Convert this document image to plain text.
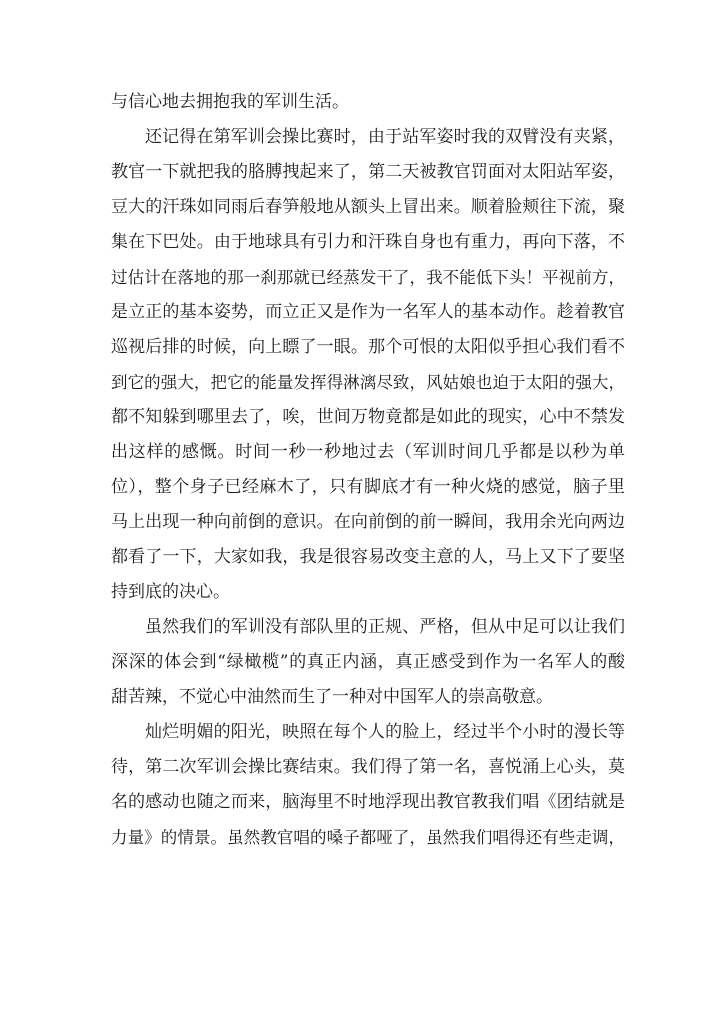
与信心地去拥抱我的军训生活。
还记得在第军训会操比赛时，由于站军姿时我的双臂没有夹紧，
教官一下就把我的胳膊拽起来了，第二天被教官罚面对太阳站军姿，
豆大的汗珠如同雨后春笋般地从额头上冒出来。顺着脸颊往下流，聚
集在下巴处。由于地球具有引力和汗珠自身也有重力，再向下落，不
过估计在落地的那一刹那就已经蒸发干了，我不能低下头！平视前方，
是立正的基本姿势，而立正又是作为一名军人的基本动作。趁着教官
巡视后排的时候，向上瞟了一眼。那个可恨的太阳似乎担心我们看不
到它的强大，把它的能量发挥得淋漓尽致，风姑娘也迫于太阳的强大，
都不知躲到哪里去了，唉，世间万物竟都是如此的现实，心中不禁发
出这样的感慨。时间一秒一秒地过去（军训时间几乎都是以秒为单
位），整个身子已经麻木了，只有脚底才有一种火烧的感觉，脑子里
马上出现一种向前倒的意识。在向前倒的前一瞬间，我用余光向两边
都看了一下，大家如我，我是很容易改变主意的人，马上又下了要坚
持到底的决心。
虽然我们的军训没有部队里的正规、严格，但从中足可以让我们
深深的体会到“绿橄榄”的真正内涵，真正感受到作为一名军人的酸
甜苦辣，不觉心中油然而生了一种对中国军人的崇高敬意。
灿烂明媚的阳光，映照在每个人的脸上，经过半个小时的漫长等
待，第二次军训会操比赛结束。我们得了第一名，喜悦涌上心头，莫
名的感动也随之而来，脑海里不时地浮现出教官教我们唱《团结就是
力量》的情景。虽然教官唱的嗓子都哑了，虽然我们唱得还有些走调，
